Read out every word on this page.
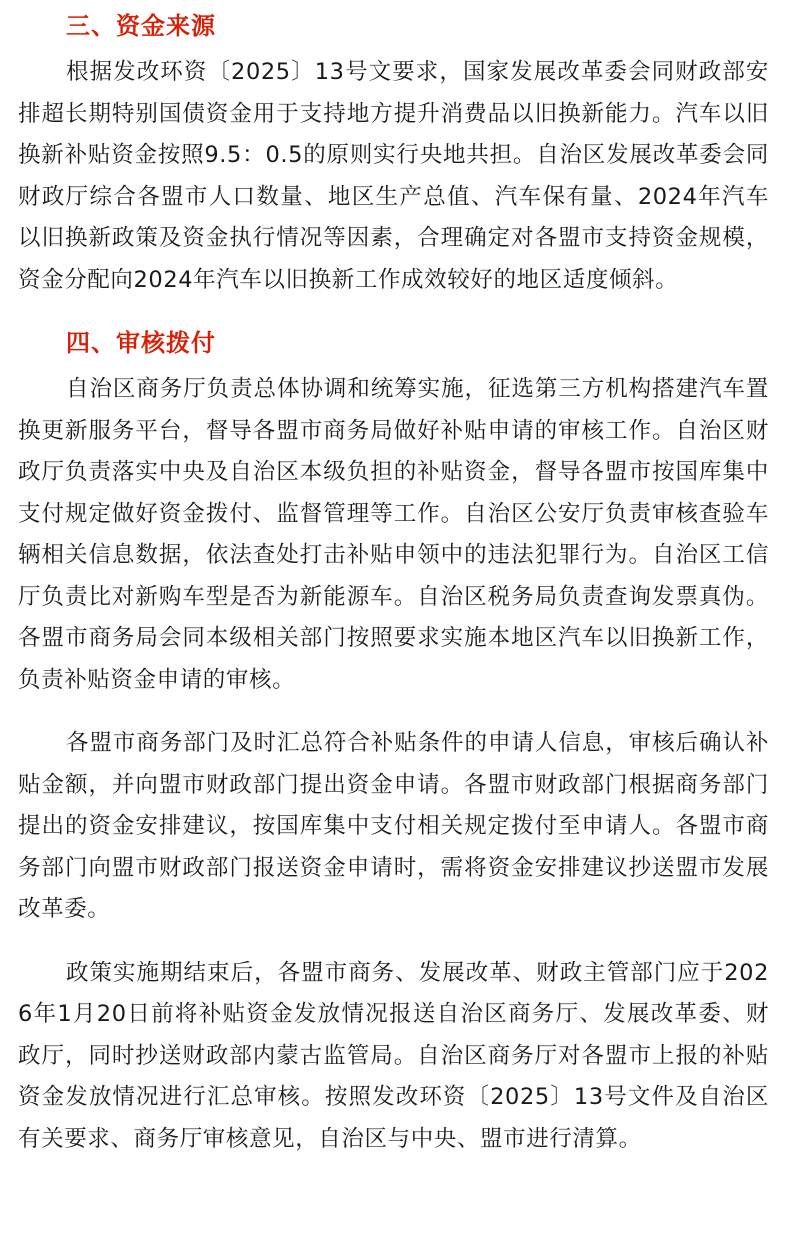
三、资金来源

根据发改环资〔2025〕13号文要求，国家发展改革委会同财政部安排超长期特别国债资金用于支持地方提升消费品以旧换新能力。汽车以旧换新补贴资金按照9.5：0.5的原则实行央地共担。自治区发展改革委会同财政厅综合各盟市人口数量、地区生产总值、汽车保有量、2024年汽车以旧换新政策及资金执行情况等因素，合理确定对各盟市支持资金规模，资金分配向2024年汽车以旧换新工作成效较好的地区适度倾斜。

四、审核拨付

自治区商务厅负责总体协调和统筹实施，征选第三方机构搭建汽车置换更新服务平台，督导各盟市商务局做好补贴申请的审核工作。自治区财政厅负责落实中央及自治区本级负担的补贴资金，督导各盟市按国库集中支付规定做好资金拨付、监督管理等工作。自治区公安厅负责审核查验车辆相关信息数据，依法查处打击补贴申领中的违法犯罪行为。自治区工信厅负责比对新购车型是否为新能源车。自治区税务局负责查询发票真伪。各盟市商务局会同本级相关部门按照要求实施本地区汽车以旧换新工作，负责补贴资金申请的审核。

各盟市商务部门及时汇总符合补贴条件的申请人信息，审核后确认补贴金额，并向盟市财政部门提出资金申请。各盟市财政部门根据商务部门提出的资金安排建议，按国库集中支付相关规定拨付至申请人。各盟市商务部门向盟市财政部门报送资金申请时，需将资金安排建议抄送盟市发展改革委。

政策实施期结束后，各盟市商务、发展改革、财政主管部门应于2026年1月20日前将补贴资金发放情况报送自治区商务厅、发展改革委、财政厅，同时抄送财政部内蒙古监管局。自治区商务厅对各盟市上报的补贴资金发放情况进行汇总审核。按照发改环资〔2025〕13号文件及自治区有关要求、商务厅审核意见，自治区与中央、盟市进行清算。
